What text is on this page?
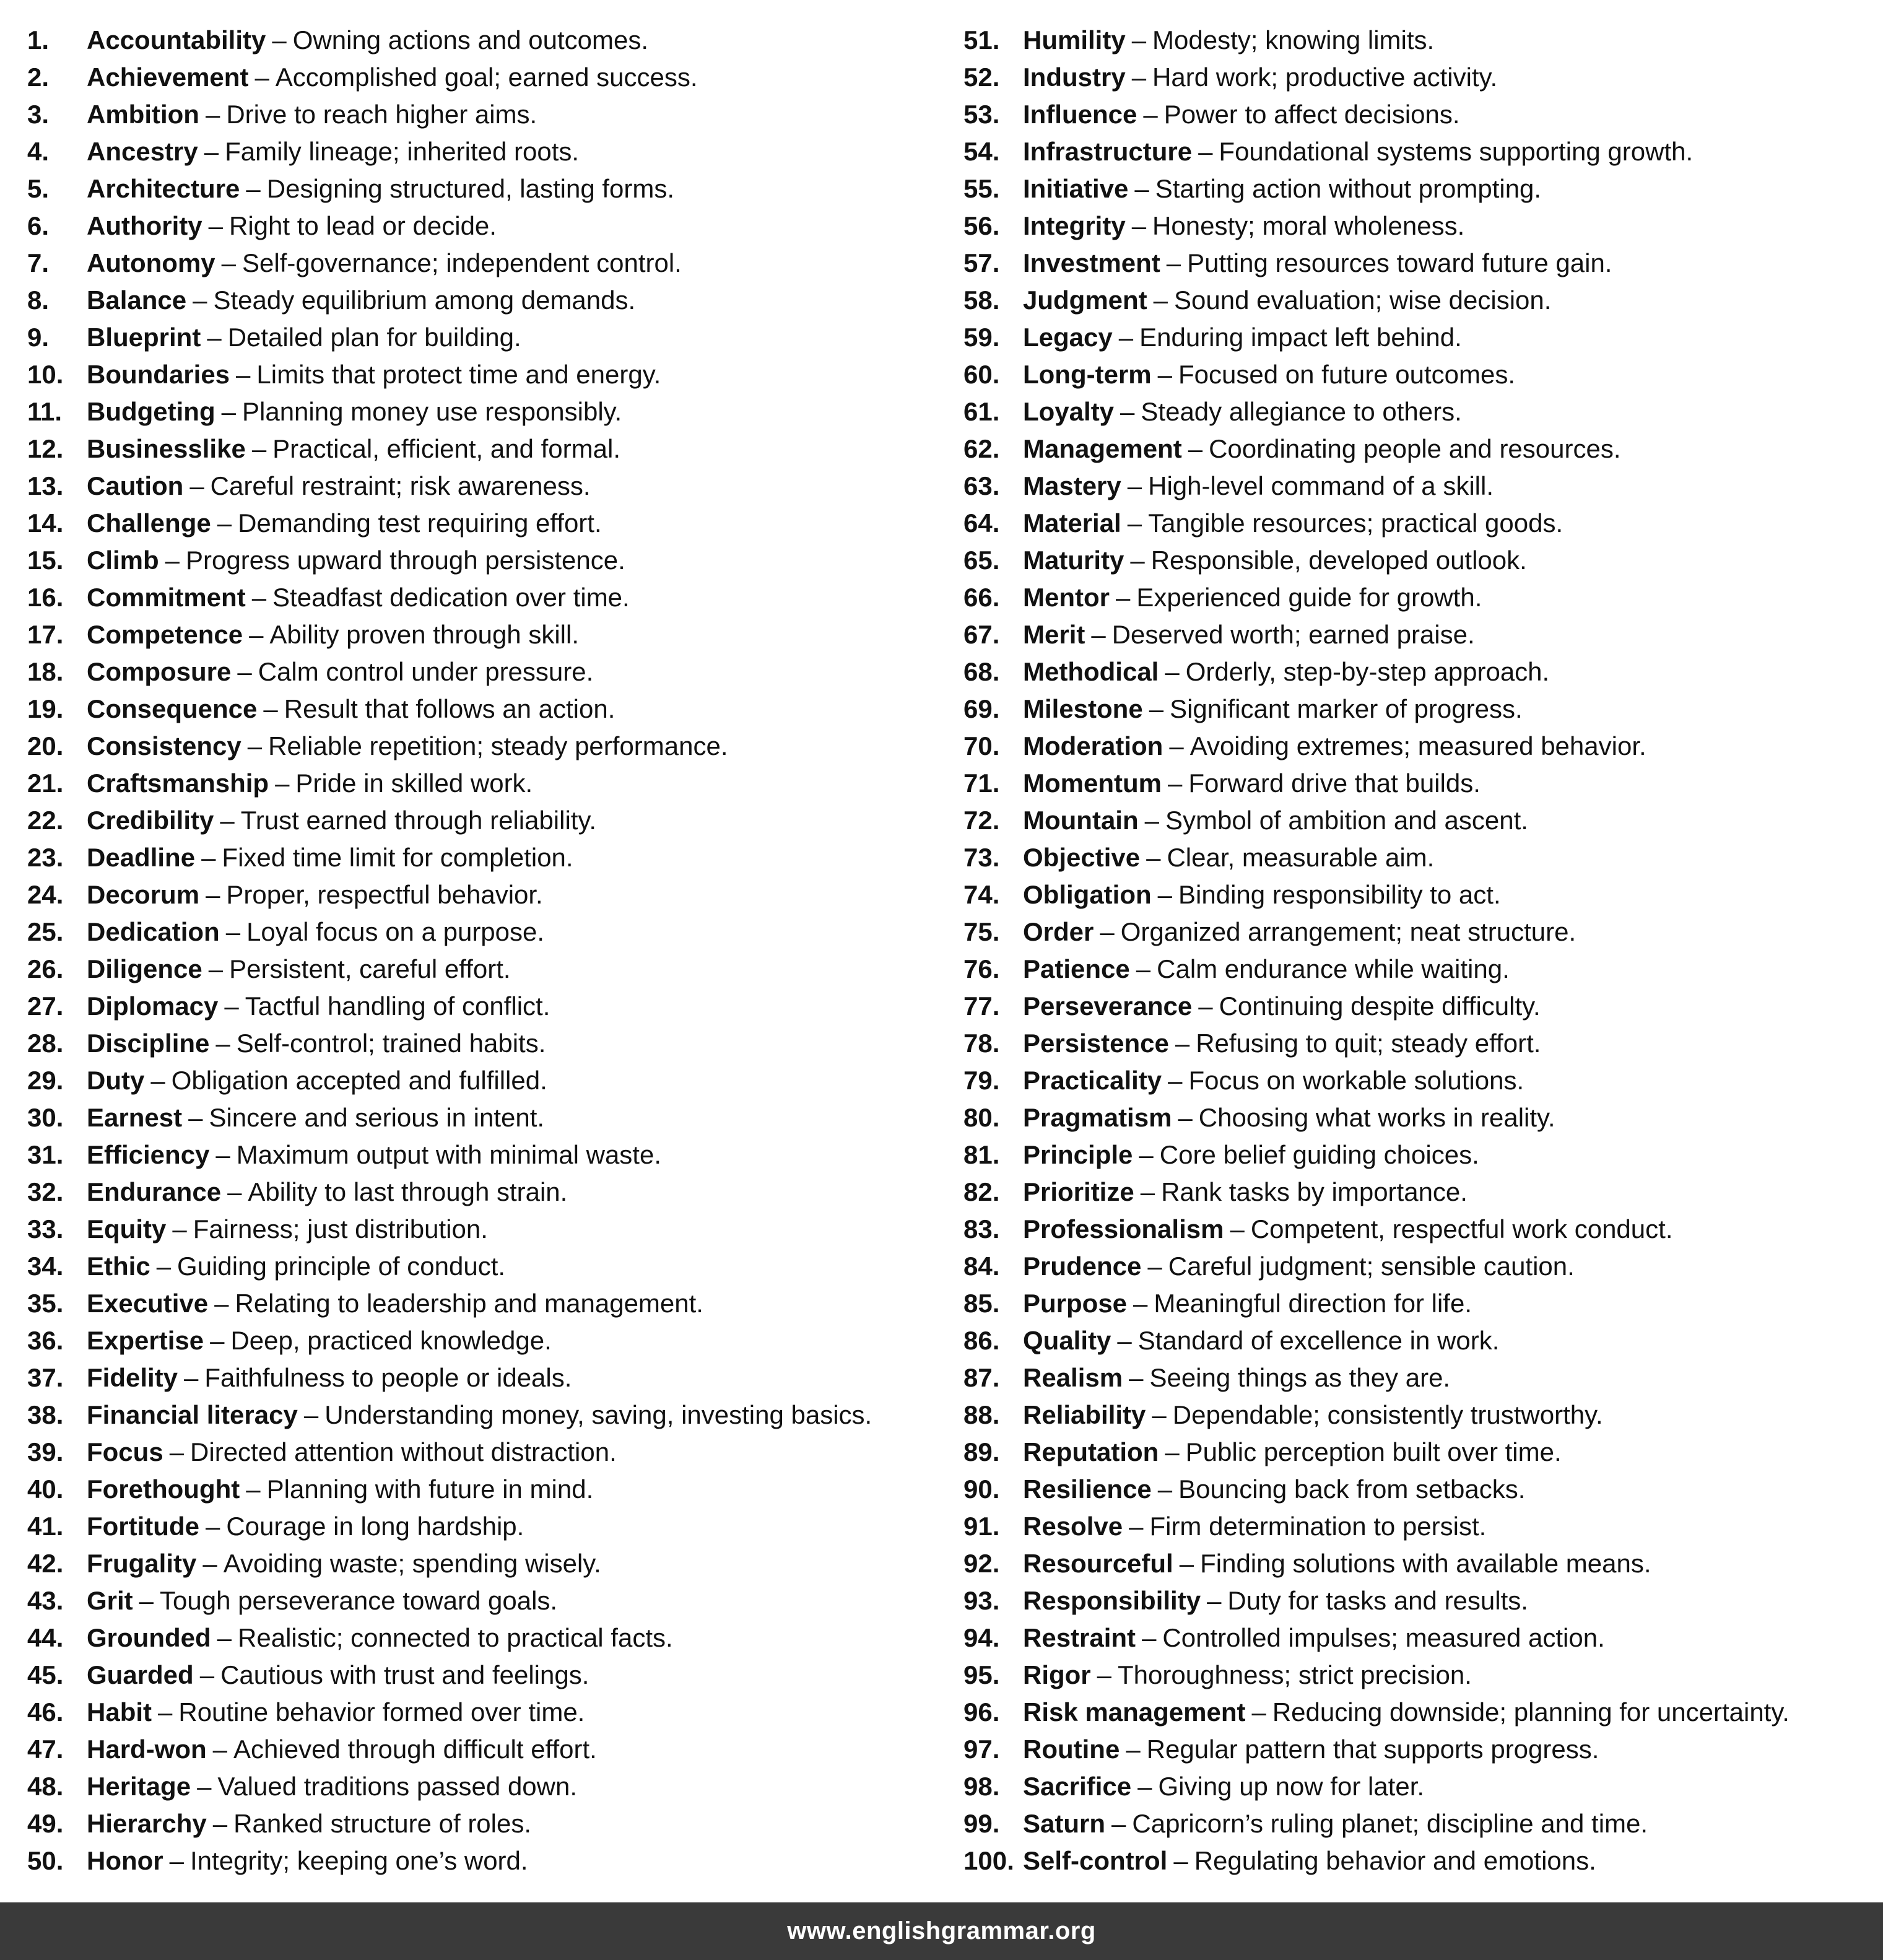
1.	Accountability – Owning actions and outcomes.
2.	Achievement – Accomplished goal; earned success.
3.	Ambition – Drive to reach higher aims.
4.	Ancestry – Family lineage; inherited roots.
5.	Architecture – Designing structured, lasting forms.
6.	Authority – Right to lead or decide.
7.	Autonomy – Self-governance; independent control.
8.	Balance – Steady equilibrium among demands.
9.	Blueprint – Detailed plan for building.
10. Boundaries – Limits that protect time and energy.
11. Budgeting – Planning money use responsibly.
12. Businesslike – Practical, efficient, and formal.
13. Caution – Careful restraint; risk awareness.
14. Challenge – Demanding test requiring effort.
15. Climb – Progress upward through persistence.
16. Commitment – Steadfast dedication over time.
17. Competence – Ability proven through skill.
18. Composure – Calm control under pressure.
19. Consequence – Result that follows an action.
20. Consistency – Reliable repetition; steady performance.
21. Craftsmanship – Pride in skilled work.
22. Credibility – Trust earned through reliability.
23. Deadline – Fixed time limit for completion.
24. Decorum – Proper, respectful behavior.
25. Dedication – Loyal focus on a purpose.
26. Diligence – Persistent, careful effort.
27. Diplomacy – Tactful handling of conflict.
28. Discipline – Self-control; trained habits.
29. Duty – Obligation accepted and fulfilled.
30. Earnest – Sincere and serious in intent.
31. Efficiency – Maximum output with minimal waste.
32. Endurance – Ability to last through strain.
33. Equity – Fairness; just distribution.
34. Ethic – Guiding principle of conduct.
35. Executive – Relating to leadership and management.
36. Expertise – Deep, practiced knowledge.
37. Fidelity – Faithfulness to people or ideals.
38. Financial literacy – Understanding money, saving, investing basics.
39. Focus – Directed attention without distraction.
40. Forethought – Planning with future in mind.
41. Fortitude – Courage in long hardship.
42. Frugality – Avoiding waste; spending wisely.
43. Grit – Tough perseverance toward goals.
44. Grounded – Realistic; connected to practical facts.
45. Guarded – Cautious with trust and feelings.
46. Habit – Routine behavior formed over time.
47. Hard-won – Achieved through difficult effort.
48. Heritage – Valued traditions passed down.
49. Hierarchy – Ranked structure of roles.
50. Honor – Integrity; keeping one’s word.
51. Humility – Modesty; knowing limits.
52. Industry – Hard work; productive activity.
53. Influence – Power to affect decisions.
54. Infrastructure – Foundational systems supporting growth.
55. Initiative – Starting action without prompting.
56. Integrity – Honesty; moral wholeness.
57. Investment – Putting resources toward future gain.
58. Judgment – Sound evaluation; wise decision.
59. Legacy – Enduring impact left behind.
60. Long-term – Focused on future outcomes.
61. Loyalty – Steady allegiance to others.
62. Management – Coordinating people and resources.
63. Mastery – High-level command of a skill.
64. Material – Tangible resources; practical goods.
65. Maturity – Responsible, developed outlook.
66. Mentor – Experienced guide for growth.
67. Merit – Deserved worth; earned praise.
68. Methodical – Orderly, step-by-step approach.
69. Milestone – Significant marker of progress.
70. Moderation – Avoiding extremes; measured behavior.
71. Momentum – Forward drive that builds.
72. Mountain – Symbol of ambition and ascent.
73. Objective – Clear, measurable aim.
74. Obligation – Binding responsibility to act.
75. Order – Organized arrangement; neat structure.
76. Patience – Calm endurance while waiting.
77. Perseverance – Continuing despite difficulty.
78. Persistence – Refusing to quit; steady effort.
79. Practicality – Focus on workable solutions.
80. Pragmatism – Choosing what works in reality.
81. Principle – Core belief guiding choices.
82. Prioritize – Rank tasks by importance.
83. Professionalism – Competent, respectful work conduct.
84. Prudence – Careful judgment; sensible caution.
85. Purpose – Meaningful direction for life.
86. Quality – Standard of excellence in work.
87. Realism – Seeing things as they are.
88. Reliability – Dependable; consistently trustworthy.
89. Reputation – Public perception built over time.
90. Resilience – Bouncing back from setbacks.
91. Resolve – Firm determination to persist.
92. Resourceful – Finding solutions with available means.
93. Responsibility – Duty for tasks and results.
94. Restraint – Controlled impulses; measured action.
95. Rigor – Thoroughness; strict precision.
96. Risk management – Reducing downside; planning for uncertainty.
97. Routine – Regular pattern that supports progress.
98. Sacrifice – Giving up now for later.
99. Saturn – Capricorn’s ruling planet; discipline and time.
100. Self-control – Regulating behavior and emotions.
www.englishgrammar.org
